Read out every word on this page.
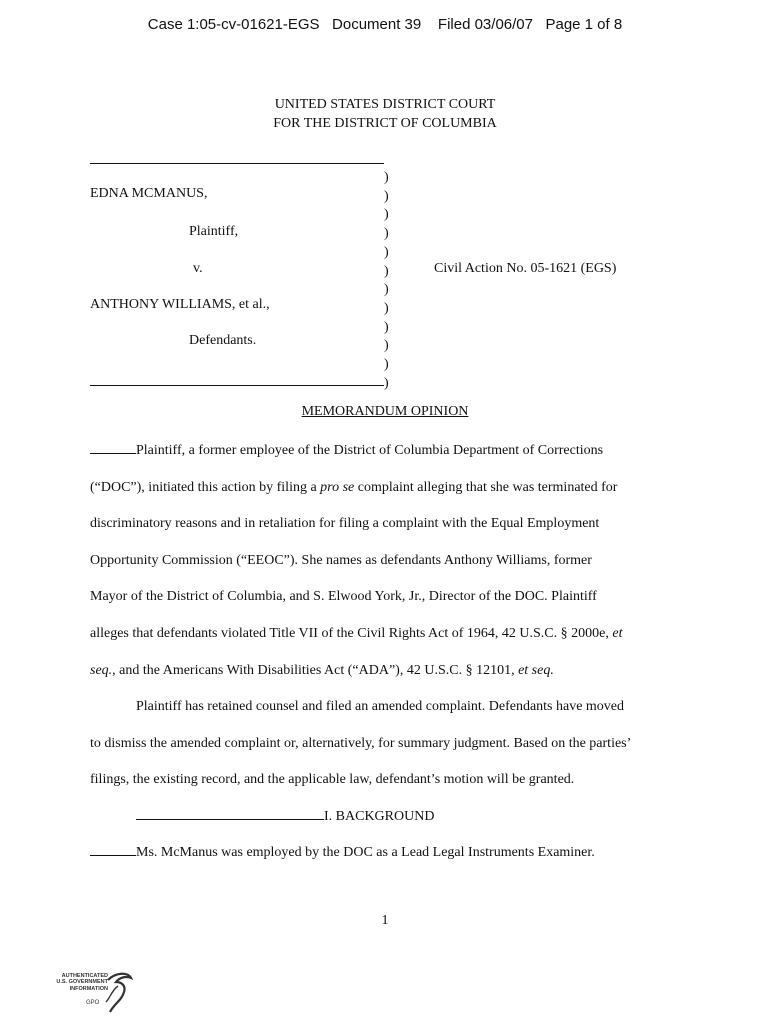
Case 1:05-cv-01621-EGS   Document 39    Filed 03/06/07   Page 1 of 8
UNITED STATES DISTRICT COURT
FOR THE DISTRICT OF COLUMBIA
EDNA MCMANUS,
Plaintiff,
v.
ANTHONY WILLIAMS, et al.,
Defendants.
)
)
)
)
)
)
)
)
)
)
)
)
Civil Action No. 05-1621 (EGS)
MEMORANDUM OPINION
Plaintiff, a former employee of the District of Columbia Department of Corrections
(“DOC”), initiated this action by filing a pro se complaint alleging that she was terminated for
discriminatory reasons and in retaliation for filing a complaint with the Equal Employment
Opportunity Commission (“EEOC”). She names as defendants Anthony Williams, former
Mayor of the District of Columbia, and S. Elwood York, Jr., Director of the DOC. Plaintiff
alleges that defendants violated Title VII of the Civil Rights Act of 1964, 42 U.S.C. § 2000e, et
seq., and the Americans With Disabilities Act (“ADA”), 42 U.S.C. § 12101, et seq.
Plaintiff has retained counsel and filed an amended complaint. Defendants have moved
to dismiss the amended complaint or, alternatively, for summary judgment. Based on the parties’
filings, the existing record, and the applicable law, defendant’s motion will be granted.
I. BACKGROUND
Ms. McManus was employed by the DOC as a Lead Legal Instruments Examiner.
1
AUTHENTICATED
U.S. GOVERNMENT
INFORMATION
GPO
